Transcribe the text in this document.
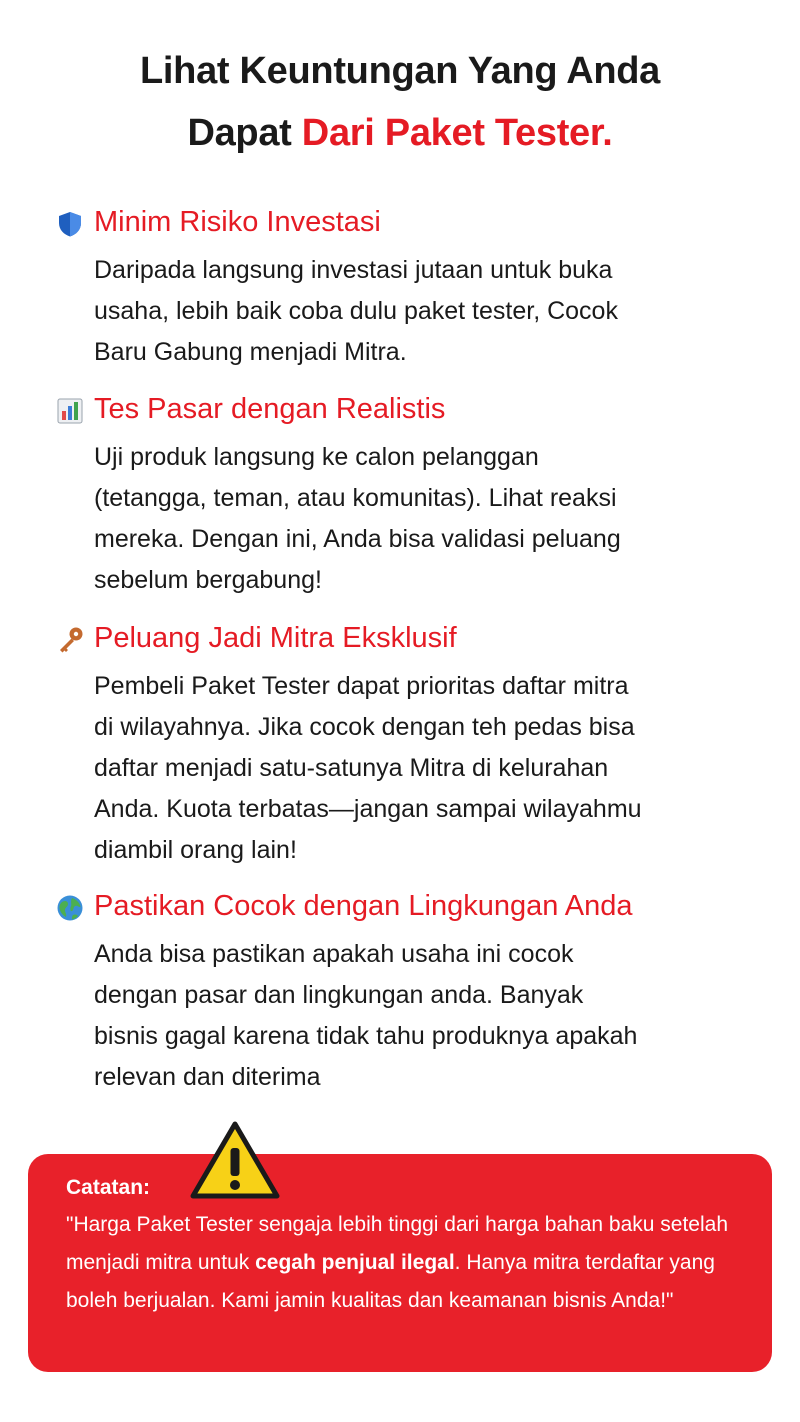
Lihat Keuntungan Yang Anda
Dapat Dari Paket Tester.
Minim Risiko Investasi
Daripada langsung investasi jutaan untuk buka
usaha, lebih baik coba dulu paket tester, Cocok
Baru Gabung menjadi Mitra.
Tes Pasar dengan Realistis
Uji produk langsung ke calon pelanggan
(tetangga, teman, atau komunitas). Lihat reaksi
mereka. Dengan ini, Anda bisa validasi peluang
sebelum bergabung!
Peluang Jadi Mitra Eksklusif
Pembeli Paket Tester dapat prioritas daftar mitra
di wilayahnya. Jika cocok dengan teh pedas bisa
daftar menjadi satu-satunya Mitra di kelurahan
Anda. Kuota terbatas—jangan sampai wilayahmu
diambil orang lain!
Pastikan Cocok dengan Lingkungan Anda
Anda bisa pastikan apakah usaha ini cocok
dengan pasar dan lingkungan anda. Banyak
bisnis gagal karena tidak tahu produknya apakah
relevan dan diterima
Catatan:
"Harga Paket Tester sengaja lebih tinggi dari harga bahan baku setelah menjadi mitra untuk cegah penjual ilegal. Hanya mitra terdaftar yang boleh berjualan. Kami jamin kualitas dan keamanan bisnis Anda!"
